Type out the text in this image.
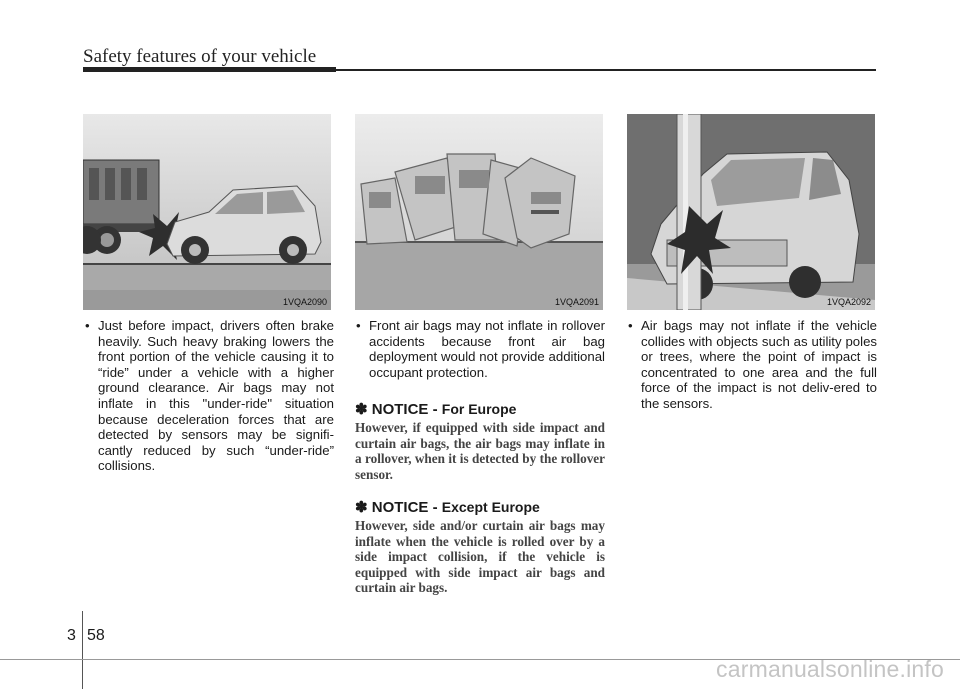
Safety features of your vehicle
1VQA2090	1VQA2091	1VQA2092

• Just before impact, drivers often brake heavily. Such heavy braking lowers the front portion of the vehicle causing it to “ride” under a vehicle with a higher ground clearance. Air bags may not inflate in this "under-ride" situation because deceleration forces that are detected by sensors may be signifi-cantly reduced by such “under-ride” collisions.

• Front air bags may not inflate in rollover accidents because front air bag deployment would not provide additional occupant protection.

✽ NOTICE - For Europe
However, if equipped with side impact and curtain air bags, the air bags may inflate in a rollover, when it is detected by the rollover sensor.
✽ NOTICE - Except Europe
However, side and/or curtain air bags may inflate when the vehicle is rolled over by a side impact collision, if the vehicle is equipped with side impact air bags and curtain air bags.

• Air bags may not inflate if the vehicle collides with objects such as utility poles or trees, where the point of impact is concentrated to one area and the full force of the impact is not deliv-ered to the sensors.

3 58
carmanualsonline.info
